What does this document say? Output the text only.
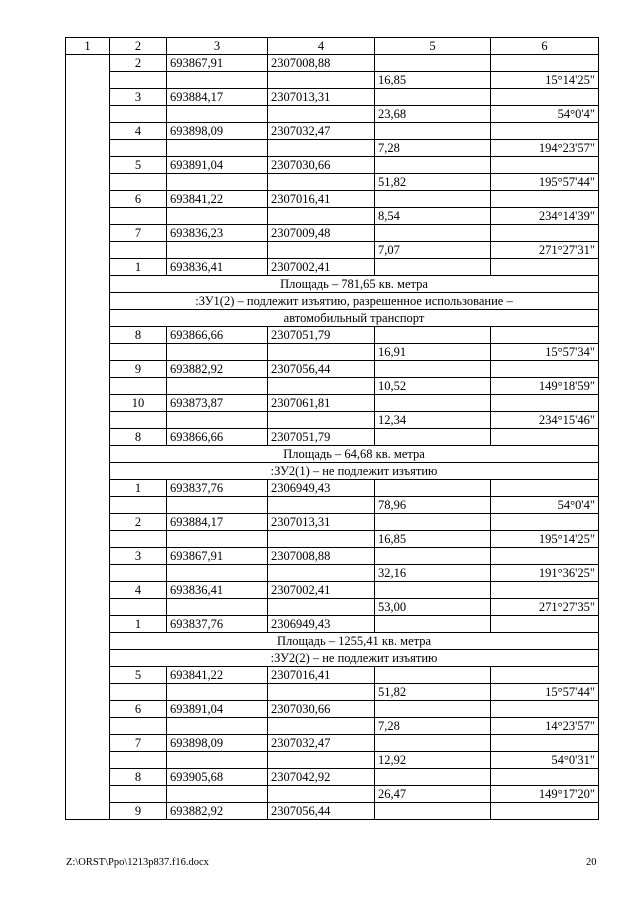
1	2	3	4	5	6
	2	693867,91	2307008,88		
				16,85	15°14'25"
	3	693884,17	2307013,31		
				23,68	54°0'4"
	4	693898,09	2307032,47		
				7,28	194°23'57"
	5	693891,04	2307030,66		
				51,82	195°57'44"
	6	693841,22	2307016,41		
				8,54	234°14'39"
	7	693836,23	2307009,48		
				7,07	271°27'31"
	1	693836,41	2307002,41		
	Площадь – 781,65 кв. метра				
	:ЗУ1(2) – подлежит изъятию, разрешенное использование –				
	автомобильный транспорт				
	8	693866,66	2307051,79		
				16,91	15°57'34"
	9	693882,92	2307056,44		
				10,52	149°18'59"
	10	693873,87	2307061,81		
				12,34	234°15'46"
	8	693866,66	2307051,79		
	Площадь – 64,68 кв. метра				
	:ЗУ2(1) – не подлежит изъятию				
	1	693837,76	2306949,43		
				78,96	54°0'4"
	2	693884,17	2307013,31		
				16,85	195°14'25"
	3	693867,91	2307008,88		
				32,16	191°36'25"
	4	693836,41	2307002,41		
				53,00	271°27'35"
	1	693837,76	2306949,43		
	Площадь – 1255,41 кв. метра				
	:ЗУ2(2) – не подлежит изъятию				
	5	693841,22	2307016,41		
				51,82	15°57'44"
	6	693891,04	2307030,66		
				7,28	14°23'57"
	7	693898,09	2307032,47		
				12,92	54°0'31"
	8	693905,68	2307042,92		
				26,47	149°17'20"
	9	693882,92	2307056,44		
Z:\ORST\Ppo\1213p837.f16.docx	20
